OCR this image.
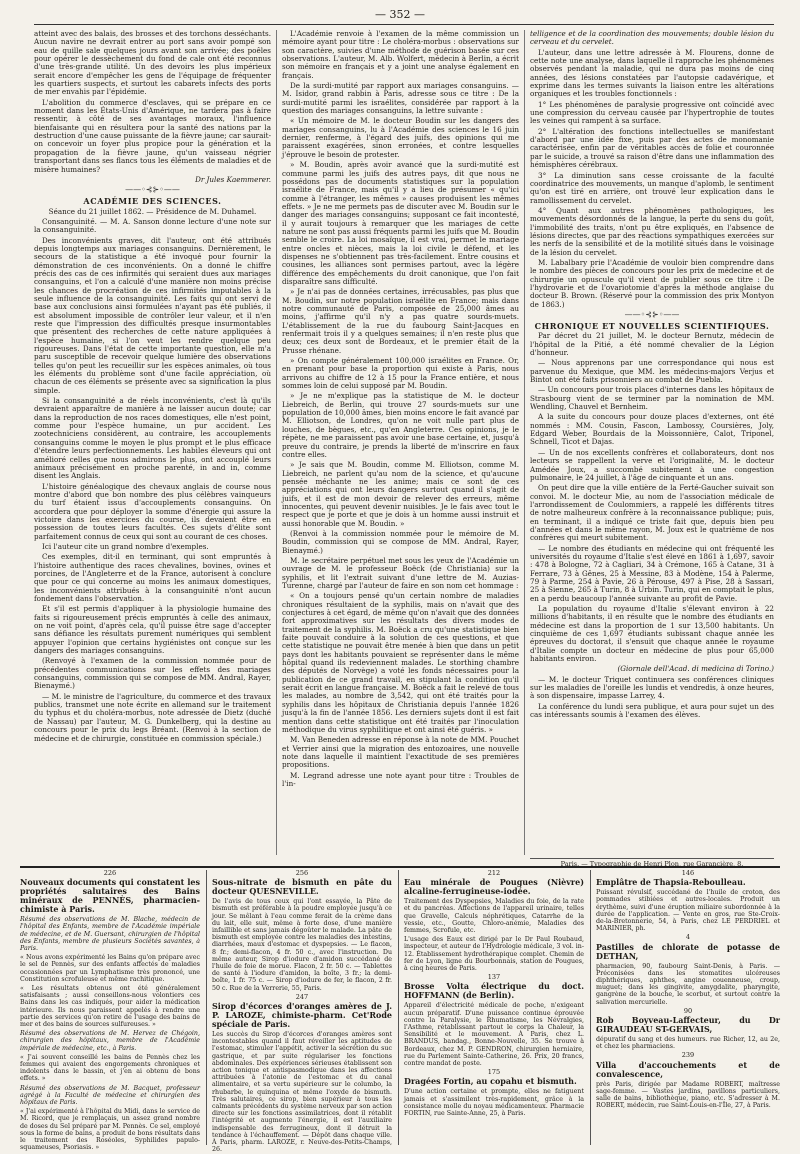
— 352 —

atteint avec des balais, des brosses et des torchons desséchants. Aucun navire ne devrait entrer au port sans avoir pompé son eau de quille sale quelques jours avant son arrivée; des poêles pour opérer le dessèchement du fond de cale ont été reconnus d'une très-grande utilité. Un des devoirs les plus impérieux serait encore d'empêcher les gens de l'équipage de fréquenter les quartiers suspects, et surtout les cabarets infects des ports de mer envahis par l'épidémie.

L'abolition du commerce d'esclaves, qui se prépare en ce moment dans les États-Unis d'Amérique, ne tardera pas à faire ressentir, à côté de ses avantages moraux, l'influence bienfaisante qui en résultera pour la santé des nations par la destruction d'une cause puissante de la fièvre jaune; car saurait-on concevoir un foyer plus propice pour la génération et la propagation de la fièvre jaune, qu'un vaisseau négrier transportant dans ses flancs tous les éléments de maladies et de misère humaines?

Dr Jules Kaemmerer.

——◦⊰⊱◦——
ACADÉMIE DES SCIENCES.
Séance du 21 juillet 1862. — Présidence de M. Duhamel.

Consanguinité. — M. A. Sanson donne lecture d'une note sur la consanguinité.

Des inconvénients graves, dit l'auteur, ont été attribués depuis longtemps aux mariages consanguins. Dernièrement, le secours de la statistique a été invoqué pour fournir la démonstration de ces inconvénients. On a donné le chiffre précis des cas de ces infirmités qui seraient dues aux mariages consanguins, et l'on a calculé d'une manière non moins précise les chances de procréation de ces infirmités imputables à la seule influence de la consanguinité. Les faits qui ont servi de base aux conclusions ainsi formulées n'ayant pas été publiés, il est absolument impossible de contrôler leur valeur, et il n'en reste que l'impression des difficultés presque insurmontables que présentent des recherches de cette nature appliquées à l'espèce humaine, si l'on veut les rendre quelque peu rigoureuses. Dans l'état de cette importante question, elle m'a paru susceptible de recevoir quelque lumière des observations telles qu'on peut les recueillir sur les espèces animales, où tous les éléments du problème sont d'une facile appréciation, où chacun de ces éléments se présente avec sa signification la plus simple.

Si la consanguinité a de réels inconvénients, c'est là qu'ils devraient apparaître de manière à ne laisser aucun doute; car dans la reproduction de nos races domestiques, elle n'est point, comme pour l'espèce humaine, un pur accident. Les zootechniciens considèrent, au contraire, les accouplements consanguins comme le moyen le plus prompt et le plus efficace d'étendre leurs perfectionnements. Les habiles éleveurs qui ont amélioré celles que nous admirons le plus, ont accouplé leurs animaux précisément en proche parenté, in and in, comme disent les Anglais.

L'histoire généalogique des chevaux anglais de course nous montre d'abord que bon nombre des plus célèbres vainqueurs du turf étaient issus d'accouplements consanguins. On accordera que pour déployer la somme d'énergie qui assure la victoire dans les exercices du course, ils devaient être en possession de toutes leurs facultés. Ces sujets d'élite sont parfaitement connus de ceux qui sont au courant de ces choses.

Ici l'auteur cite un grand nombre d'exemples.

Ces exemples, dit-il en terminant, qui sont empruntés à l'histoire authentique des races chevalines, bovines, ovines et porcines, de l'Angleterre et de la France, autorisent à conclure que pour ce qui concerne au moins les animaux domestiques, les inconvénients attribués à la consanguinité n'ont aucun fondement dans l'observation.

Et s'il est permis d'appliquer à la physiologie humaine des faits si rigoureusement précis empruntés à celle des animaux, on ne voit point, d'après cela, qu'il puisse être sage d'accepter sans défiance les résultats purement numériques qui semblent appuyer l'opinion que certains hygiénistes ont conçue sur les dangers des mariages consanguins.

(Renvoyé à l'examen de la commission nommée pour de précédentes communications sur les effets des mariages consanguins, commission qui se compose de MM. Andral, Rayer, Bienaymé.)

— M. le ministre de l'agriculture, du commerce et des travaux publics, transmet une note écrite en allemand sur le traitement du typhus et du choléra-morbus, note adressée de Dietz (duché de Nassau) par l'auteur, M. G. Dunkelberg, qui la destine au concours pour le prix du legs Bréant. (Renvoi à la section de médecine et de chirurgie, constituée en commission spéciale.)

L'Académie renvoie à l'examen de la même commission un mémoire ayant pour titre : Le choléra-morbus : observations sur son caractère, suivies d'une méthode de guérison basée sur ces observations. L'auteur, M. Alb. Wolfert, médecin à Berlin, a écrit son mémoire en français et y a joint une analyse également en français.

De la surdi-mutité par rapport aux mariages consanguins. — M. Isidor, grand rabbin à Paris, adresse sous ce titre : De la surdi-mutité parmi les israélites, considérée par rapport à la question des mariages consanguins, la lettre suivante :

« Un mémoire de M. le docteur Boudin sur les dangers des mariages consanguins, lu à l'Académie des sciences le 16 juin dernier, renferme, à l'égard des juifs, des opinions qui me paraissent exagérées, sinon erronées, et contre lesquelles j'éprouve le besoin de protester.

» M. Boudin, après avoir avancé que la surdi-mutité est commune parmi les juifs des autres pays, dit que nous ne possédons pas de documents statistiques sur la population israélite de France, mais qu'il y a lieu de présumer « qu'ici comme à l'étranger, les mêmes » causes produisent les mêmes effets. » Je ne me permets pas de discuter avec M. Boudin sur le danger des mariages consanguins; supposant ce fait incontesté, il y aurait toujours à remarquer que les mariages de cette nature ne sont pas aussi fréquents parmi les juifs que M. Boudin semble le croire. La loi mosaïque, il est vrai, permet le mariage entre oncles et nièces, mais la loi civile le défend, et les dispenses ne s'obtiennent pas très-facilement. Entre cousins et cousines, les alliances sont permises partout, avec la légère différence des empêchements du droit canonique, que l'on fait disparaître sans difficulté.

» Je n'ai pas de données certaines, irrécusables, pas plus que M. Boudin, sur notre population israélite en France; mais dans notre communauté de Paris, composée de 25,000 âmes au moins, j'affirme qu'il n'y a pas quatre sourds-muets. L'établissement de la rue du faubourg Saint-Jacques en renfermait trois il y a quelques semaines; il n'en reste plus que deux; ces deux sont de Bordeaux, et le premier était de la Prusse rhénane.

» On compte généralement 100,000 israélites en France. Or, en prenant pour base la proportion qui existe à Paris, nous arrivons au chiffre de 12 à 15 pour la France entière, et nous sommes loin de celui supposé par M. Boudin.

» Je ne m'explique pas la statistique de M. le docteur Liebreich, de Berlin, qui trouve 27 sourds-muets sur une population de 10,000 âmes, bien moins encore le fait avancé par M. Elliotson, de Londres, qu'on ne voit nulle part plus de louches, de bègues, etc., qu'en Angleterre. Ces opinions, je le répète, ne me paraissent pas avoir une base certaine, et, jusqu'à preuve du contraire, je prends la liberté de m'inscrire en faux contre elles.

» Je sais que M. Boudin, comme M. Elliotson, comme M. Liebreich, ne parlent qu'au nom de la science, et qu'aucune pensée méchante ne les anime; mais ce sont de ces appréciations qui ont leurs dangers surtout quand il s'agit de juifs, et il est de mon devoir de relever des erreurs, même innocentes, qui peuvent devenir nuisibles. Je le fais avec tout le respect que je porte et que je dois à un homme aussi instruit et aussi honorable que M. Boudin. »

(Renvoi à la commission nommée pour le mémoire de M. Boudin, commission qui se compose de MM. Andral, Rayer, Bienaymé.)

M. le secrétaire perpétuel met sous les yeux de l'Académie un ouvrage de M. le professeur Boëck (de Christiania) sur la syphilis, et lit l'extrait suivant d'une lettre de M. Auzias-Turenne, chargé par l'auteur de faire en son nom cet hommage :

« On a toujours pensé qu'un certain nombre de maladies chroniques résultaient de la syphilis, mais on n'avait que des conjectures à cet égard, de même qu'on n'avait que des données fort approximatives sur les résultats des divers modes de traitement de la syphilis. M. Boëck a cru qu'une statistique bien faite pouvait conduire à la solution de ces questions, et que cette statistique ne pouvait être menée à bien que dans un petit pays dont les habitants pouvaient se représenter dans le même hôpital quand ils redeviennent malades. Le storthing chambre des députés de Norvège) a voté les fonds nécessaires pour la publication de ce grand travail, en stipulant la condition qu'il serait écrit en langue française. M. Boëck a fait le relevé de tous les malades, au nombre de 3,542, qui ont été traités pour la syphilis dans les hôpitaux de Christiania depuis l'année 1826 jusqu'à la fin de l'année 1856. Les derniers sujets dont il est fait mention dans cette statistique ont été traités par l'inoculation méthodique du virus syphilitique et ont ainsi été guéris. »

M. Van Beneden adresse en réponse à la note de MM. Pouchet et Verrier ainsi que la migration des entozoaires, une nouvelle note dans laquelle il maintient l'exactitude de ses premières propositions.

M. Legrand adresse une note ayant pour titre : Troubles de l'in-

telligence et de la coordination des mouvements; double lésion du cerveau et du cervelet.

L'auteur, dans une lettre adressée à M. Flourens, donne de cette note une analyse, dans laquelle il rapproche les phénomènes observés pendant la maladie, qui ne dura pas moins de cinq années, des lésions constatées par l'autopsie cadavérique, et exprime dans les termes suivants la liaison entre les altérations organiques et les troubles fonctionnels :

1° Les phénomènes de paralysie progressive ont coïncidé avec une compression du cerveau causée par l'hypertrophie de toutes les veines qui rampent à sa surface.

2° L'altération des fonctions intellectuelles se manifestant d'abord par une idée fixe, puis par des actes de monomanie caractérisée, enfin par de véritables accès de folie et couronnée par le suicide, a trouvé sa raison d'être dans une inflammation des hémisphères cérébraux.

3° La diminution sans cesse croissante de la faculté coordinatrice des mouvements, un manque d'aplomb, le sentiment qu'on est tiré en arrière, ont trouvé leur explication dans le ramollissement du cervelet.

4° Quant aux autres phénomènes pathologiques, les mouvements désordonnés de la langue, la perte du sens du goût, l'immobilité des traits, n'ont pu être expliqués, en l'absence de lésions directes, que par des réactions sympathiques exercées sur les nerfs de la sensibilité et de la motilité situés dans le voisinage de la lésion du cervelet.

M. Labalbary prie l'Académie de vouloir bien comprendre dans le nombre des pièces de concours pour les prix de médecine et de chirurgie un opuscule qu'il vient de publier sous ce titre : De l'hydrovarie et de l'ovariotomie d'après la méthode anglaise du docteur B. Brown. (Réservé pour la commission des prix Montyon de 1863.)

——◦⊰⊱◦——
CHRONIQUE ET NOUVELLES SCIENTIFIQUES.

Par décret du 21 juillet, M. le docteur Bernutz, médecin de l'hôpital de la Pitié, a été nommé chevalier de la Légion d'honneur.

— Nous apprenons par une correspondance qui nous est parvenue du Mexique, que MM. les médecins-majors Verjus et Bintot ont été faits prisonniers au combat de Puebla.

— Un concours pour trois places d'internes dans les hôpitaux de Strasbourg vient de se terminer par la nomination de MM. Wendling, Chauvel et Bernheim.

A la suite du concours pour douze places d'externes, ont été nommés : MM. Cousin, Fascon, Lambossy, Coursières, Joly, Edgard Weber, Bourdais de la Moissonnière, Calot, Triponel, Schnell, Ticot et Dajas.

— Un de nos excellents confrères et collaborateurs, dont nos lecteurs se rappellent la verve et l'originalité, M. le docteur Amédée Joux, a succombé subitement à une congestion pulmonaire, le 24 juillet, à l'âge de cinquante et un ans.

On peut dire que la ville entière de la Ferté-Gaucher suivait son convoi. M. le docteur Mie, au nom de l'association médicale de l'arrondissement de Coulommiers, a rappelé les différents titres de notre malheureux confrère à la reconnaissance publique; puis, en terminant, il a indiqué ce triste fait que, depuis bien peu d'années et dans le même rayon, M. Joux est le quatrième de nos confrères qui meurt subitement.

— Le nombre des étudiants en médecine qui ont fréquenté les universités du royaume d'Italie s'est élevé en 1861 à 1,697, savoir : 478 à Bologne, 72 à Cagliari, 34 à Crémone, 165 à Catane, 31 à Ferrare, 73 à Gênes, 25 à Messine, 83 à Modène, 154 à Palerme, 79 à Parme, 254 à Pavie, 26 à Pérouse, 497 à Pise, 28 à Sassari, 25 à Sienne, 265 à Turin, 8 à Urbin. Turin, qui en comptait le plus, en a perdu beaucoup l'année suivante au profit de Pavie.

La population du royaume d'Italie s'élevant environ à 22 millions d'habitants, il en résulte que le nombre des étudiants en médecine est dans la proportion de 1 sur 13,500 habitants. Un cinquième de ces 1,697 étudiants subissant chaque année les épreuves du doctorat, il s'ensuit que chaque année le royaume d'Italie compte un docteur en médecine de plus pour 65,000 habitants environ.

(Giornale dell'Acad. di medicina di Torino.)

— M. le docteur Triquet continuera ses conférences cliniques sur les maladies de l'oreille les lundis et vendredis, à onze heures, à son dispensaire, impasse Larrey, 4.

La conférence du lundi sera publique, et aura pour sujet un des cas intéressants soumis à l'examen des élèves.

Paris. — Typographie de Henri Plon, rue Garancière, 8.
226

Nouveaux documents qui constatent les propriétés salutaires des Bains minéraux de PENNÈS, pharmacien-chimiste à Paris.

Résumé des observations de M. Blache, médecin de l'hôpital des Enfants, membre de l'Académie impériale de médecine, et de M. Guersant, chirurgien de l'hôpital des Enfants, membre de plusieurs Sociétés savantes, à Paris.

« Nous avons expérimenté les Bains qu'on prépare avec le sel de Pennès, sur des enfants affectés de maladies occasionnées par un Lymphatisme très prononcé, une Constitution scrofuleuse et même rachitique.

« Les résultats obtenus ont été généralement satisfaisants ; aussi conseillons-nous volontiers ces Bains dans les cas indiqués, pour aider la médication intérieure. Ils nous paraissent appelés à rendre une partie des services qu'on retire de l'usage des bains de mer et des bains de sources sulfureuses. »

Résumé des observations de M. Hervez de Chégoin, chirurgien des hôpitaux, membre de l'Académie impériale de médecine, etc., à Paris.

« J'ai souvent conseillé les bains de Pennès chez les femmes qui avaient des engorgements chroniques et indolents dans le bassin, et j'en ai obtenu de bons effets. »

Résumé des observations de M. Bacquet, professeur agrégé à la Faculté de médecine et chirurgien des hôpitaux de Paris.

« J'ai expérimenté à l'hôpital du Midi, dans le service de M. Ricord, que je remplaçais, un assez grand nombre de doses du Sel préparé par M. Pennès. Ce sel, employé sous la forme de bains, a produit de bons résultats dans le traitement des Roséoles, Syphilides papulo-squameuses, Psoriasis. »

256

Sous-nitrate de bismuth en pâte du docteur QUESNEVILLE.

De l'avis de tous ceux qui l'ont essayée, la Pâte de bismuth est préférable à la poudre employée jusqu'à ce jour. Se mêlant à l'eau comme ferait de la crème dans du lait, elle suit, même à forte dose, d'une manière infaillible et sans jamais dégoûter le malade. La pâte de bismuth est employée contre les maladies des intestins, diarrhées, maux d'estomac et dyspepsies. — Le flacon, 8 fr.; demi-flacon, 4 fr. 50 c., avec l'instruction. Du même auteur, Sirop d'iodure d'amidon succédané de l'huile de foie de morue. Flacon, 2 fr. 50 c. — Tablettes de santé à l'iodure d'amidon, la boîte, 3 fr.; la demi-boîte, 1 fr. 75 c. — Sirop d'iodure de fer, le flacon, 2 fr. 50 c. Rue de la Verrerie, 55, Paris.

247

Sirop d'écorces d'oranges amères de J. P. LAROZE, chimiste-pharm. Cet'Rode spéciale de Paris.

Les succès du Sirop d'écorces d'oranges amères sont incontestables quand il faut réveiller les aptitudes de l'estomac, stimuler l'appétit, activer la sécrétion du suc gastrique, et par suite régulariser les fonctions abdominales. Des expériences sérieuses établissent son action tonique et antispasmodique dans les affections attribuées à l'atonie de l'estomac et du canal alimentaire, et sa vertu supérieure sur le columbo, la rhubarbe, le quinquina et même l'oxyde de bismuth. Très salutaires, ce sirop, bien supérieur à tous les calmants précédents du système nerveux par son action directe sur les fonctions assimilatrices, dont il rétablit l'intégrité et augmente l'énergie, il est l'auxiliaire indispensable des ferrugineux, dont il détruit la tendance à l'échauffement. — Dépôt dans chaque ville. À Paris, pharm. LAROZE, r. Neuve-des-Petits-Champs, 26.

212

Eau minérale de Pougues (Nièvre) alcaline-ferrugineuse-iodée.

Traitement des Dyspepsies, Maladies du foie, de la rate et du pancréas. Affections de l'appareil urinaire, telles que Gravelle, Calculs néphrétiques, Catarrhe de la vessie, etc., Goutte, Chloro-anémie, Maladies des femmes, Scrofule, etc.

L'usage des Eaux est dirigé par le Dr Paul Roubaud, inspecteur, et auteur de l'Hydrologie médicale, 3 vol. in-12. Établissement hydrothérapique complet. Chemin de fer de Lyon, ligne du Bourbonnais, station de Pougues, à cinq heures de Paris.

137

Brosse Volta électrique du doct. HOFFMANN (de Berlin).

Appareil d'électricité médicale de poche, n'exigeant aucun préparatif. D'une puissance continue éprouvée contre la Paralysie, le Rhumatisme, les Névralgies, l'Asthme, rétablissant partout le corps la Chaleur, la Sensibilité et le mouvement. À Paris, chez L. BRANDUS, bandag., Bonne-Nouvelle, 35. Se trouve à Bordeaux, chez M. P. GENDRON, chirurgien herniaire, rue du Parlement Sainte-Catherine, 26. Prix, 20 francs, contre mandat de poste.

175

Dragées Fortin, au copahu et bismuth.

D'une action certaine et prompte, elles ne fatiguent jamais et s'assimilent très-rapidement, grâce à la consistance molle du noyau médicamenteux. Pharmacie FORTIN, rue Sainte-Anne, 25, à Paris.

146

Emplâtre de Thapsia-Reboulleau.

Puissant révulsif, succédané de l'huile de croton, des pommades stibiées et autres-locales. Produit un érythème, suivi d'une éruption miliaire subordonnée à la durée de l'application. — Vente en gros, rue Ste-Croix-de-la-Bretonnerie, 54, à Paris, chez LE PERDRIEL et MARINIER, ph.

4

Pastilles de chlorate de potasse de DETHAN,

pharmacien, 90, faubourg Saint-Denis, à Paris. — Préconisées dans les stomatites ulcéreuses diphthériques, aphthes, angine couenneuse, croup, muguet; dans les gingivite, amygdalite, pharyngite, gangrène de la bouche, le scorbut, et surtout contre la salivation mercurielle.

90

Rob Boyveau-Laffecteur, du Dr GIRAUDEAU ST-GERVAIS,

dépuratif du sang et des humeurs. rue Richer, 12, au 2e, et chez les pharmaciens.

239

Villa d'accouchements et de convalescence,

près Paris, dirigée par Madame ROBERT, maîtresse sage-femme. — Vastes jardins, pavillons particuliers, salle de bains, bibliothèque, piano, etc. S'adresser à M. ROBERT, médecin, rue Saint-Louis-en-l'Île, 27, à Paris.
